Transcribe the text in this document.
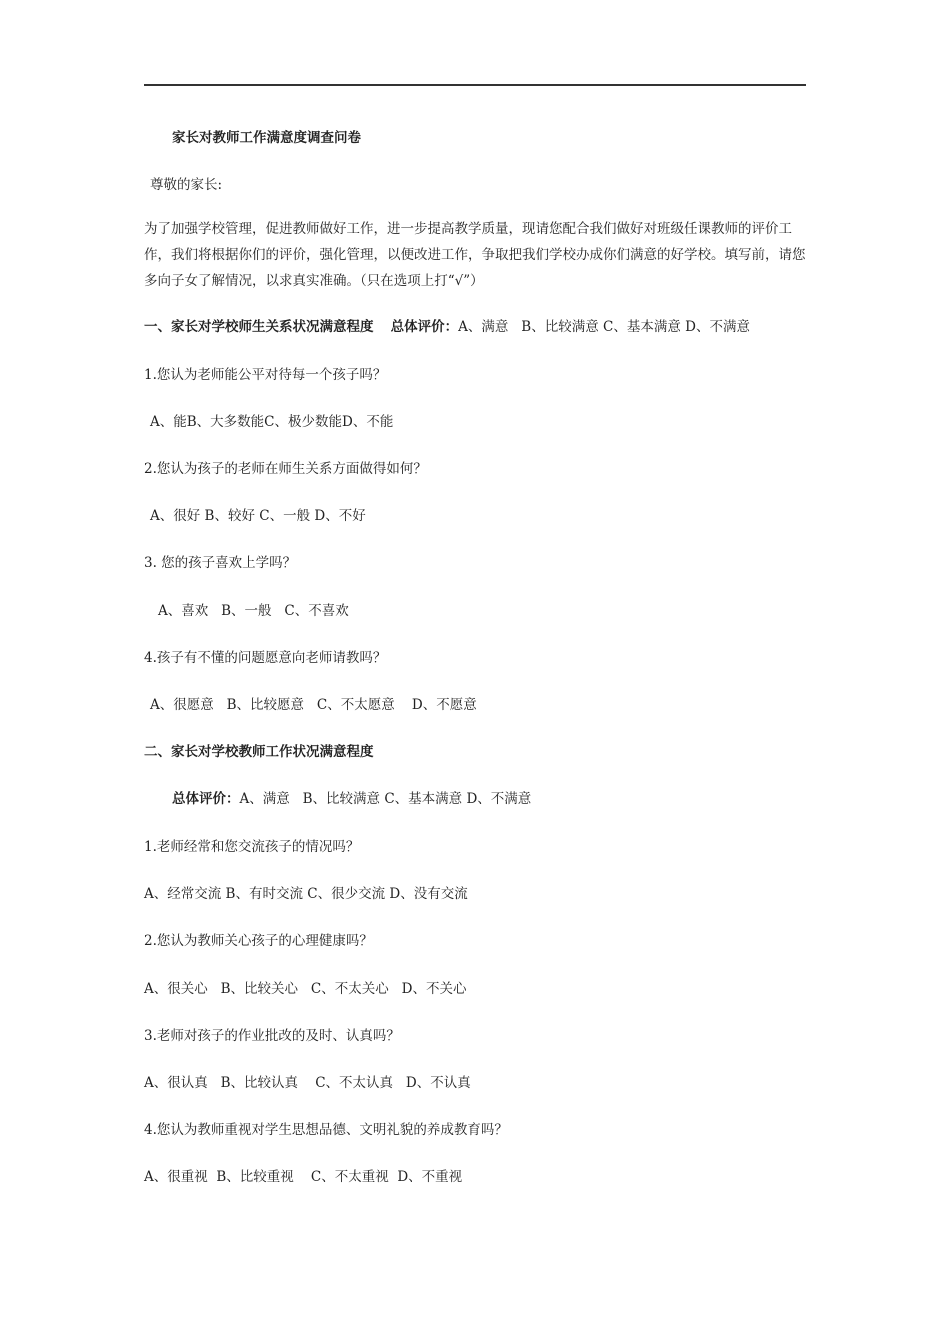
家长对教师工作满意度调查问卷
尊敬的家长:
为了加强学校管理，促进教师做好工作，进一步提高教学质量，现请您配合我们做好对班级任课教师的评价工作，我们将根据你们的评价，强化管理，以便改进工作，争取把我们学校办成你们满意的好学校。填写前，请您多向子女了解情况，以求真实准确。（只在选项上打“√”）
一、家长对学校师生关系状况满意程度 总体评价：A、满意   B、比较满意 C、基本满意 D、不满意
1.您认为老师能公平对待每一个孩子吗？
A、能B、大多数能C、极少数能D、不能
2.您认为孩子的老师在师生关系方面做得如何？
A、很好 B、较好 C、一般 D、不好
3. 您的孩子喜欢上学吗？
A、喜欢   B、一般   C、不喜欢
4.孩子有不懂的问题愿意向老师请教吗？
A、很愿意   B、比较愿意   C、不太愿意    D、不愿意
二、家长对学校教师工作状况满意程度
总体评价：A、满意   B、比较满意 C、基本满意 D、不满意
1.老师经常和您交流孩子的情况吗？
A、经常交流 B、有时交流 C、很少交流 D、没有交流
2.您认为教师关心孩子的心理健康吗？
A、很关心   B、比较关心   C、不太关心   D、不关心
3.老师对孩子的作业批改的及时、认真吗？
A、很认真   B、比较认真    C、不太认真   D、不认真
4.您认为教师重视对学生思想品德、文明礼貌的养成教育吗？
A、很重视  B、比较重视    C、不太重视  D、不重视
